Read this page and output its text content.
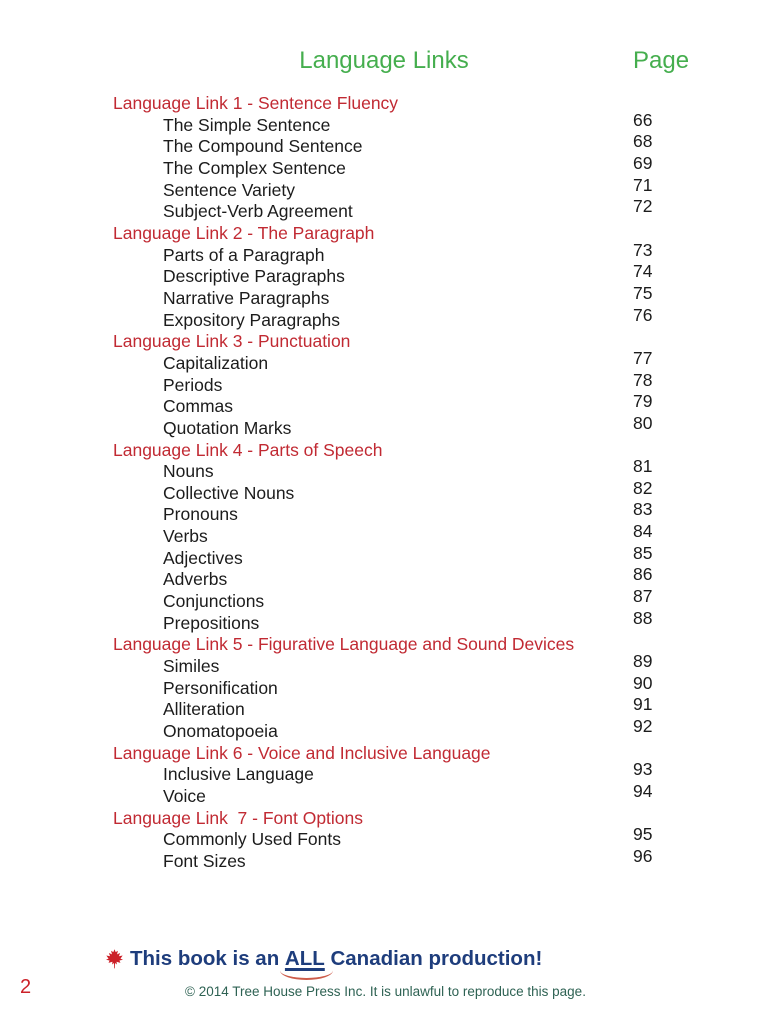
Language Links	Page
Language Link 1 - Sentence Fluency
The Simple Sentence	66
The Compound Sentence	68
The Complex Sentence	69
Sentence Variety	71
Subject-Verb Agreement	72
Language Link 2 - The Paragraph
Parts of a Paragraph	73
Descriptive Paragraphs	74
Narrative Paragraphs	75
Expository Paragraphs	76
Language Link 3 - Punctuation
Capitalization	77
Periods	78
Commas	79
Quotation Marks	80
Language Link 4 - Parts of Speech
Nouns	81
Collective Nouns	82
Pronouns	83
Verbs	84
Adjectives	85
Adverbs	86
Conjunctions	87
Prepositions	88
Language Link 5 - Figurative Language and Sound Devices
Similes	89
Personification	90
Alliteration	91
Onomatopoeia	92
Language Link 6 - Voice and Inclusive Language
Inclusive Language	93
Voice	94
Language Link  7 - Font Options
Commonly Used Fonts	95
Font Sizes	96
This book is an ALL
Canadian production!
© 2014 Tree House Press Inc. It is unlawful to reproduce this page.
2
